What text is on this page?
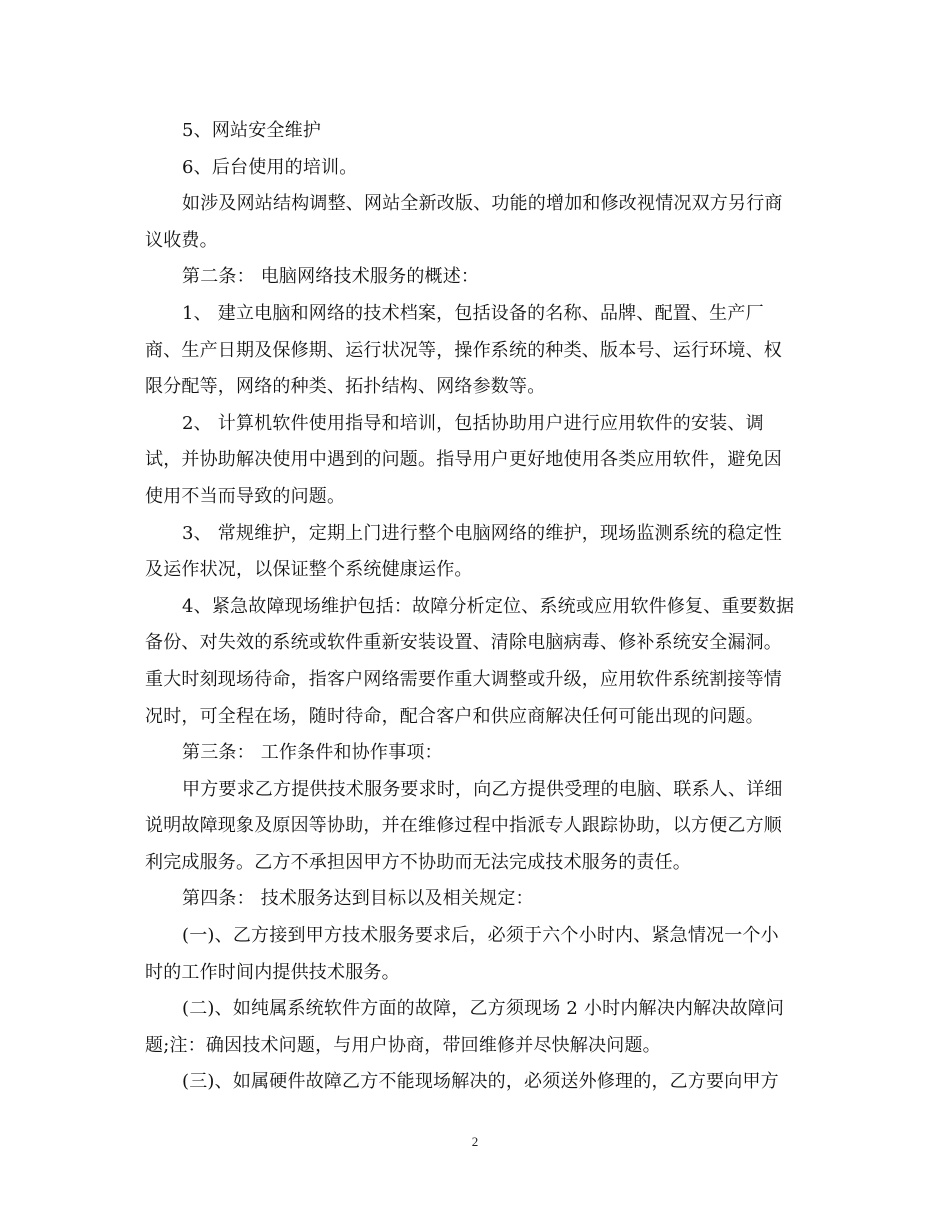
5、网站安全维护
6、后台使用的培训。
如涉及网站结构调整、网站全新改版、功能的增加和修改视情况双方另行商
议收费。
第二条： 电脑网络技术服务的概述：
1、 建立电脑和网络的技术档案，包括设备的名称、品牌、配置、生产厂
商、生产日期及保修期、运行状况等，操作系统的种类、版本号、运行环境、权
限分配等，网络的种类、拓扑结构、网络参数等。
2、 计算机软件使用指导和培训，包括协助用户进行应用软件的安装、调
试，并协助解决使用中遇到的问题。指导用户更好地使用各类应用软件，避免因
使用不当而导致的问题。
3、 常规维护，定期上门进行整个电脑网络的维护，现场监测系统的稳定性
及运作状况，以保证整个系统健康运作。
4、紧急故障现场维护包括：故障分析定位、系统或应用软件修复、重要数据
备份、对失效的系统或软件重新安装设置、清除电脑病毒、修补系统安全漏洞。
重大时刻现场待命，指客户网络需要作重大调整或升级，应用软件系统割接等情
况时，可全程在场，随时待命，配合客户和供应商解决任何可能出现的问题。
第三条： 工作条件和协作事项：
甲方要求乙方提供技术服务要求时，向乙方提供受理的电脑、联系人、详细
说明故障现象及原因等协助，并在维修过程中指派专人跟踪协助，以方便乙方顺
利完成服务。乙方不承担因甲方不协助而无法完成技术服务的责任。
第四条： 技术服务达到目标以及相关规定：
(一)、乙方接到甲方技术服务要求后，必须于六个小时内、紧急情况一个小
时的工作时间内提供技术服务。
(二)、如纯属系统软件方面的故障，乙方须现场 2 小时内解决内解决故障问
题;注：确因技术问题，与用户协商，带回维修并尽快解决问题。
(三)、如属硬件故障乙方不能现场解决的，必须送外修理的，乙方要向甲方
2
